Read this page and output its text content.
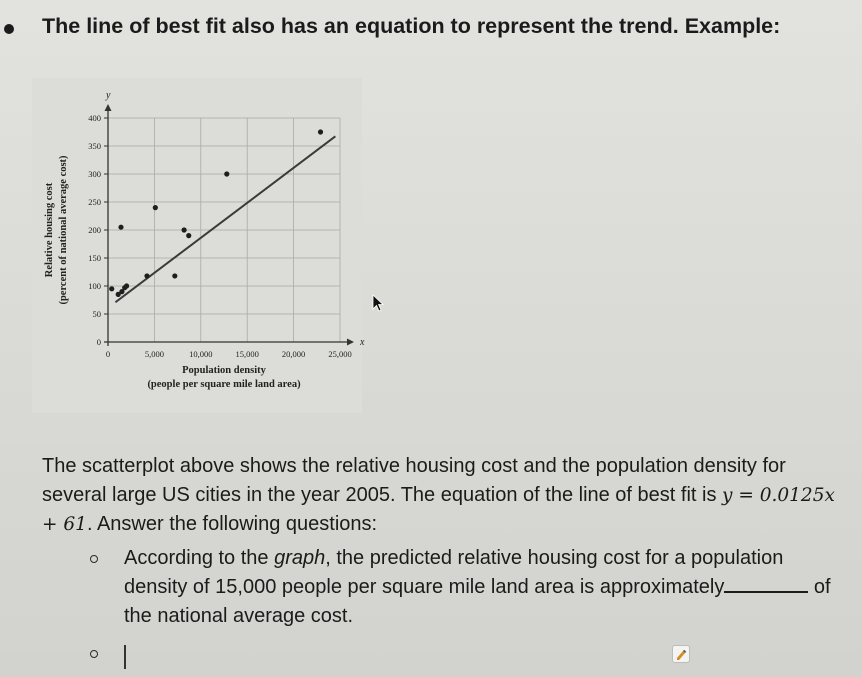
The line of best fit also has an equation to represent the trend. Example:
0
50
100
150
200
250
300
350
400
0	5,000	10,000	15,000	20,000	25,000
y
x
Relative housing cost (percent of national average cost)
Population density
(people per square mile land area)
The scatterplot above shows the relative housing cost and the population density for several large US cities in the year 2005. The equation of the line of best fit is y = 0.0125x + 61. Answer the following questions:
According to the graph, the predicted relative housing cost for a population density of 15,000 people per square mile land area is approximately	of the national average cost.
